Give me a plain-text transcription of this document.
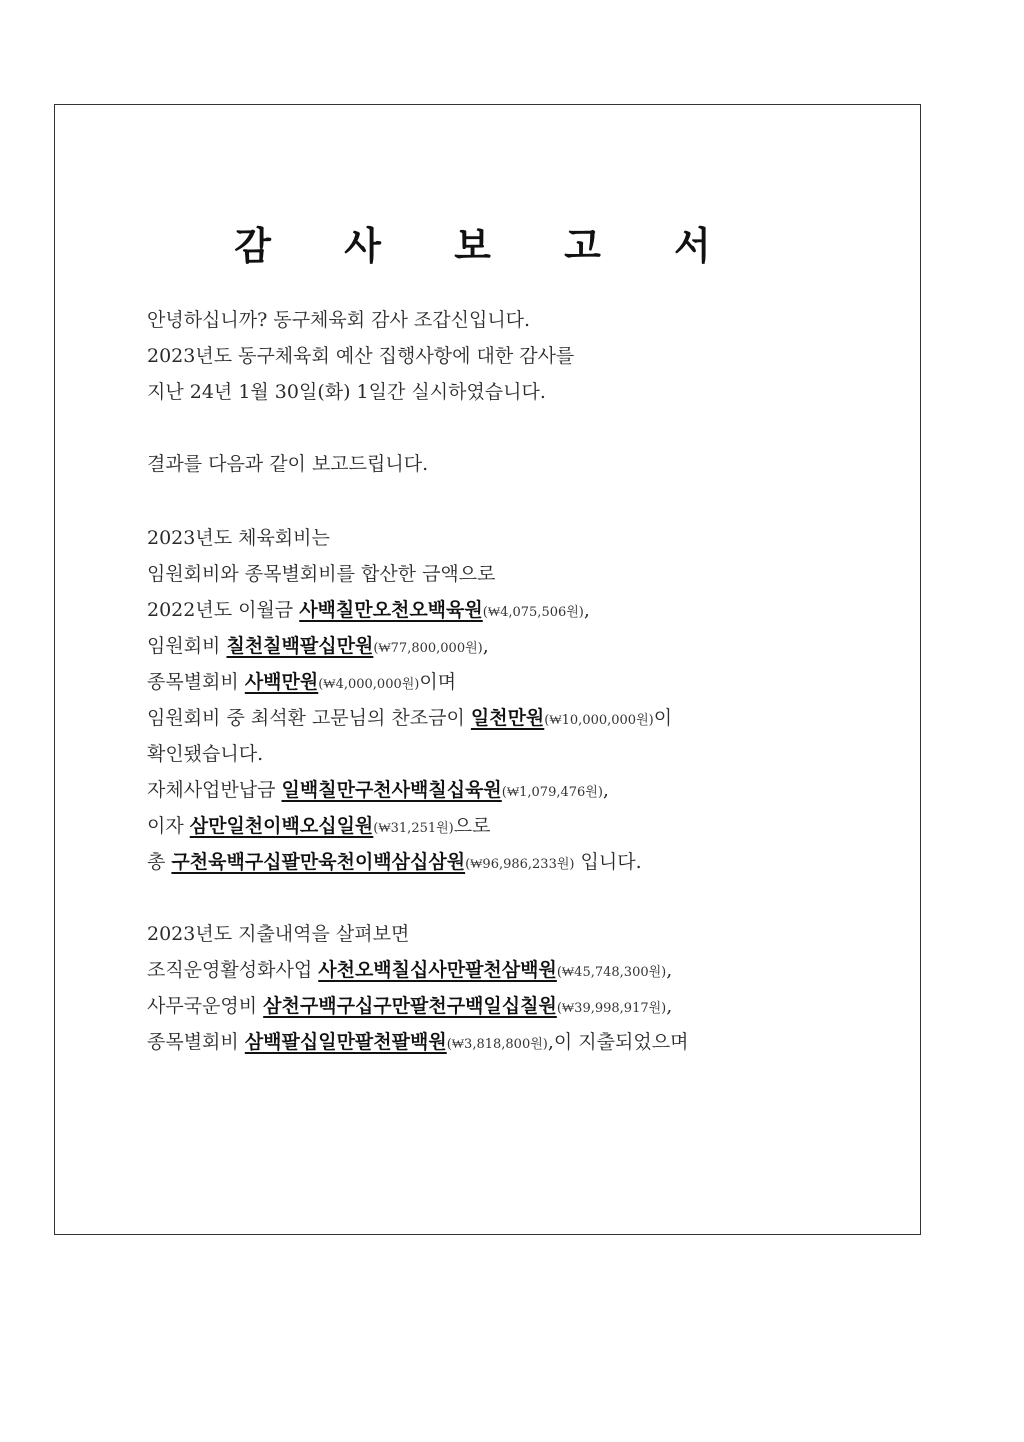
감 사 보 고 서
안녕하십니까? 동구체육회 감사 조갑신입니다.
2023년도 동구체육회 예산 집행사항에 대한 감사를
지난 24년 1월 30일(화) 1일간 실시하였습니다.
결과를 다음과 같이 보고드립니다.
2023년도 체육회비는
임원회비와 종목별회비를 합산한 금액으로
2022년도 이월금 사백칠만오천오백육원(₩4,075,506원),
임원회비 칠천칠백팔십만원(₩77,800,000원),
종목별회비 사백만원(₩4,000,000원)이며
임원회비 중 최석환 고문님의 찬조금이 일천만원(₩10,000,000원)이
확인됐습니다.
자체사업반납금 일백칠만구천사백칠십육원(₩1,079,476원),
이자 삼만일천이백오십일원(₩31,251원)으로
총 구천육백구십팔만육천이백삼십삼원(₩96,986,233원) 입니다.
2023년도 지출내역을 살펴보면
조직운영활성화사업 사천오백칠십사만팔천삼백원(₩45,748,300원),
사무국운영비 삼천구백구십구만팔천구백일십칠원(₩39,998,917원),
종목별회비 삼백팔십일만팔천팔백원(₩3,818,800원),이 지출되었으며
